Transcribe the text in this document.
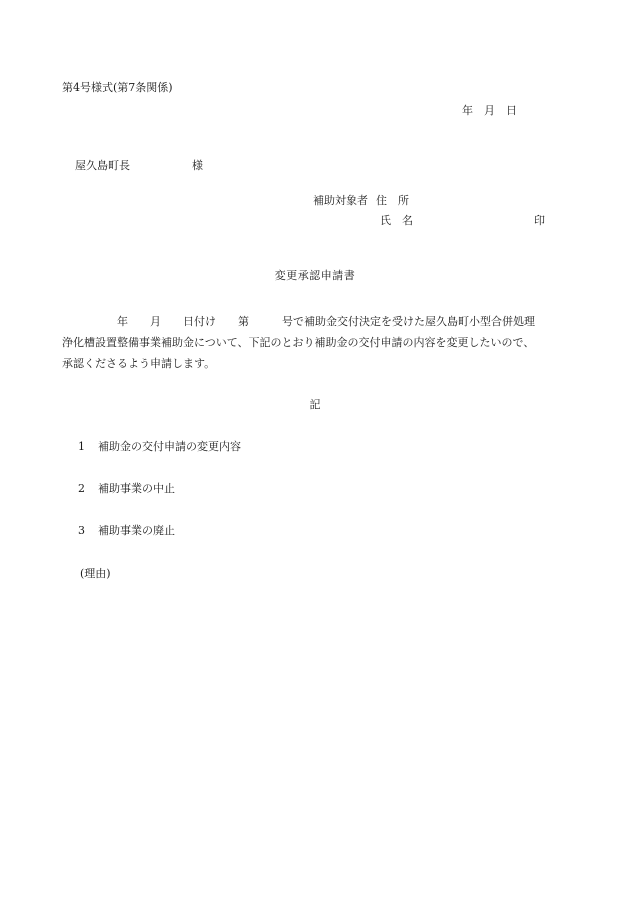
第4号様式(第7条関係)
年　月　日
屋久島町長	様
補助対象者 住　所
氏　名	印
変更承認申請書
　　　　　年　　月　　日付け　　第　　　号で補助金交付決定を受けた屋久島町小型合併処理
浄化槽設置整備事業補助金について、下記のとおり補助金の交付申請の内容を変更したいので、
承認くださるよう申請します。
記
1 補助金の交付申請の変更内容
2 補助事業の中止
3 補助事業の廃止
(理由)
